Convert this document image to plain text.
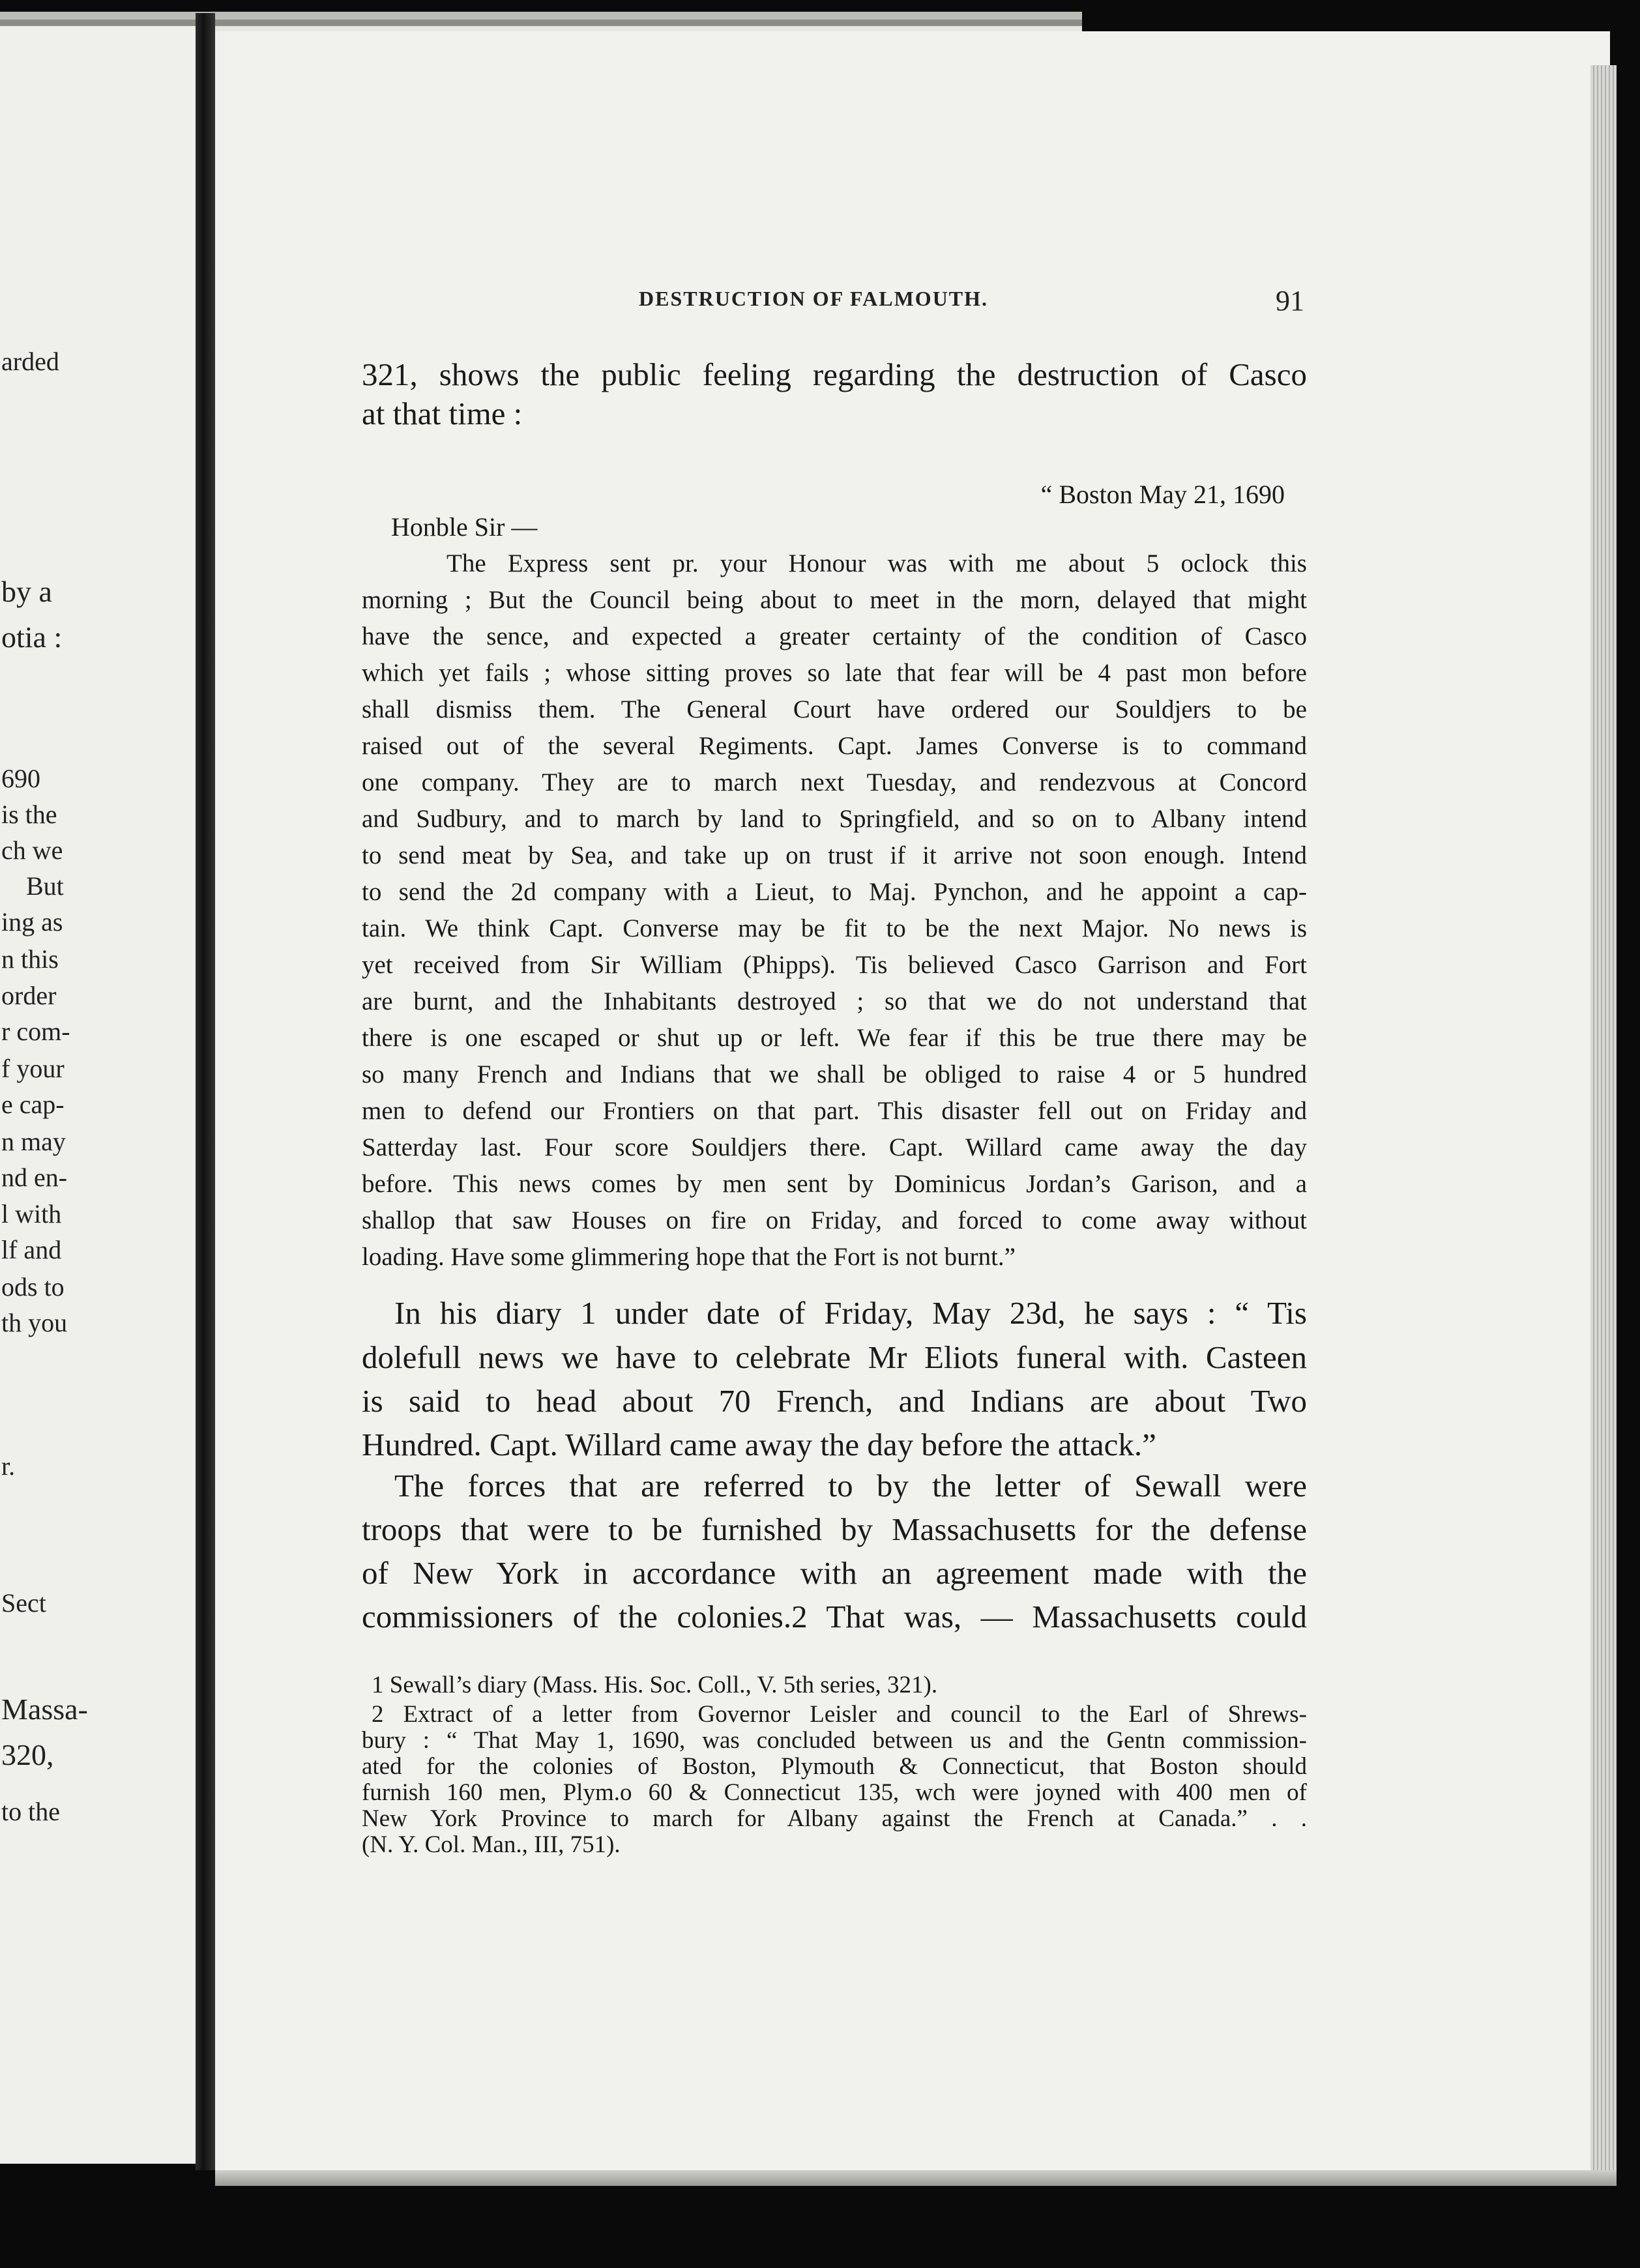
arded
by a
otia :
690
is the
ch we
But
ing as
n this
order
r com-
f your
e cap-
n may
nd en-
l with
lf and
ods to
th you
r.
Sect
Massa-
320,
to the
DESTRUCTION OF FALMOUTH.	91
321, shows the public feeling regarding the destruction of Casco
at that time :
“ Boston May 21, 1690
Honble Sir —
The Express sent pr. your Honour was with me about 5 oclock this
morning ; But the Council being about to meet in the morn, delayed that might
have the sence, and expected a greater certainty of the condition of Casco
which yet fails ; whose sitting proves so late that fear will be 4 past mon before
shall dismiss them. The General Court have ordered our Souldjers to be
raised out of the several Regiments. Capt. James Converse is to command
one company. They are to march next Tuesday, and rendezvous at Concord
and Sudbury, and to march by land to Springfield, and so on to Albany intend
to send meat by Sea, and take up on trust if it arrive not soon enough. Intend
to send the 2d company with a Lieut, to Maj. Pynchon, and he appoint a cap-
tain. We think Capt. Converse may be fit to be the next Major. No news is
yet received from Sir William (Phipps). Tis believed Casco Garrison and Fort
are burnt, and the Inhabitants destroyed ; so that we do not understand that
there is one escaped or shut up or left. We fear if this be true there may be
so many French and Indians that we shall be obliged to raise 4 or 5 hundred
men to defend our Frontiers on that part. This disaster fell out on Friday and
Satterday last. Four score Souldjers there. Capt. Willard came away the day
before. This news comes by men sent by Dominicus Jordan’s Garison, and a
shallop that saw Houses on fire on Friday, and forced to come away without
loading. Have some glimmering hope that the Fort is not burnt.”
In his diary 1 under date of Friday, May 23d, he says : “ Tis
dolefull news we have to celebrate Mr Eliots funeral with. Casteen
is said to head about 70 French, and Indians are about Two
Hundred. Capt. Willard came away the day before the attack.”
The forces that are referred to by the letter of Sewall were
troops that were to be furnished by Massachusetts for the defense
of New York in accordance with an agreement made with the
commissioners of the colonies.2 That was, — Massachusetts could
1 Sewall’s diary (Mass. His. Soc. Coll., V. 5th series, 321).
2 Extract of a letter from Governor Leisler and council to the Earl of Shrews-
bury : “ That May 1, 1690, was concluded between us and the Gentn commission-
ated for the colonies of Boston, Plymouth & Connecticut, that Boston should
furnish 160 men, Plym.o 60 & Connecticut 135, wch were joyned with 400 men of
New York Province to march for Albany against the French at Canada.” . .
(N. Y. Col. Man., III, 751).
